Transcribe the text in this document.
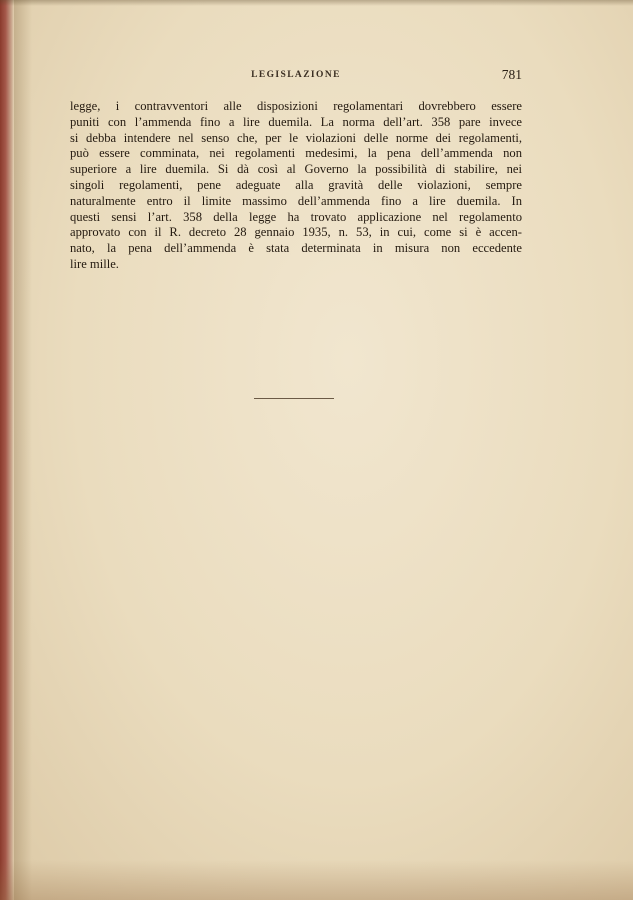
LEGISLAZIONE	781
legge, i contravventori alle disposizioni regolamentari dovrebbero essere
puniti con l’ammenda fino a lire duemila. La norma dell’art. 358 pare invece
si debba intendere nel senso che, per le violazioni delle norme dei regolamenti,
può essere comminata, nei regolamenti medesimi, la pena dell’ammenda non
superiore a lire duemila. Si dà così al Governo la possibilità di stabilire, nei
singoli regolamenti, pene adeguate alla gravità delle violazioni, sempre
naturalmente entro il limite massimo dell’ammenda fino a lire duemila. In
questi sensi l’art. 358 della legge ha trovato applicazione nel regolamento
approvato con il R. decreto 28 gennaio 1935, n. 53, in cui, come si è accen-
nato, la pena dell’ammenda è stata determinata in misura non eccedente
lire mille.
